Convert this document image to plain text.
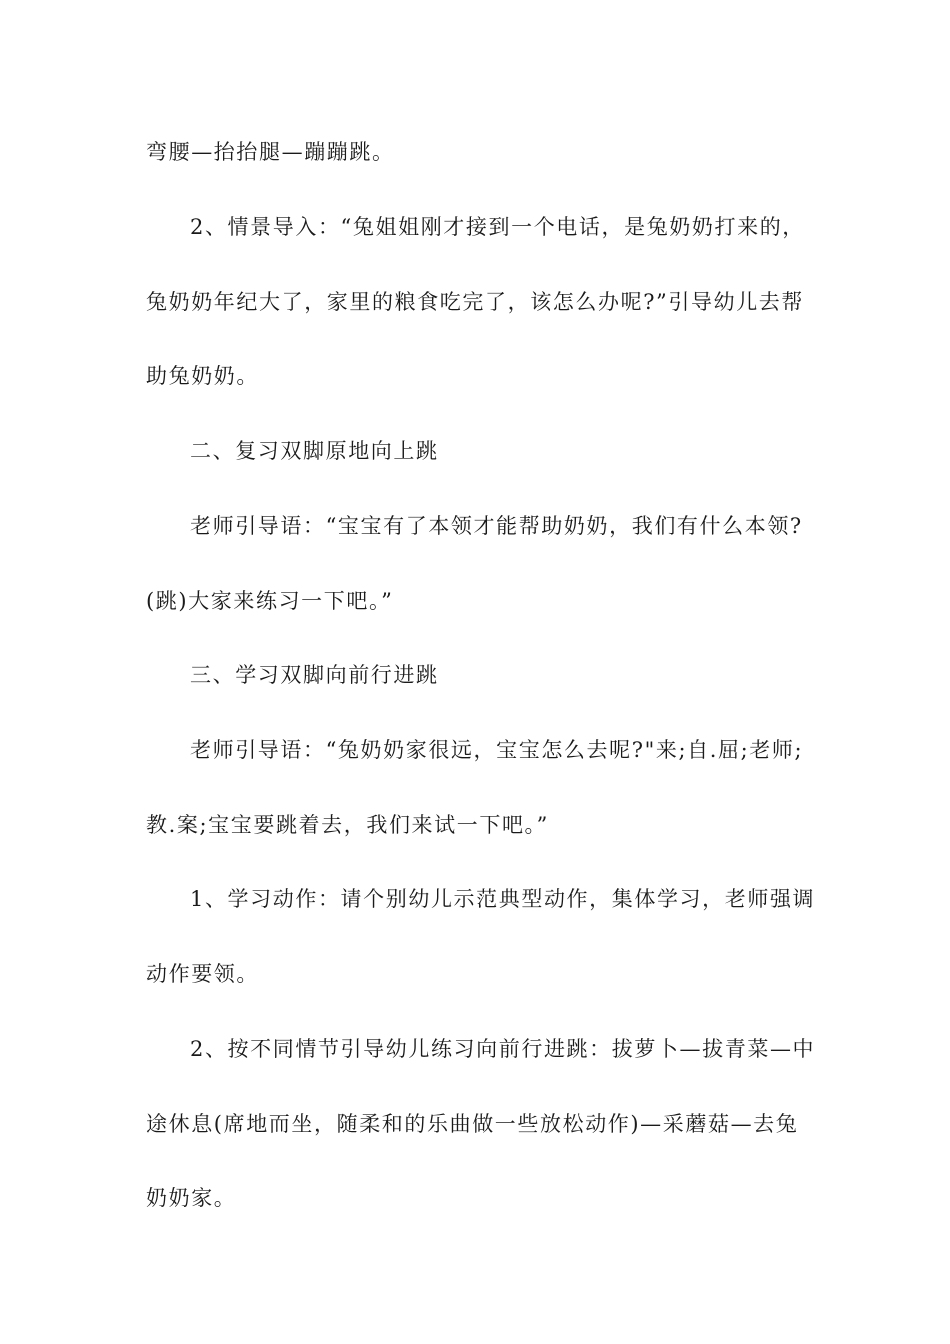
弯腰—抬抬腿—蹦蹦跳。
2、情景导入：“兔姐姐刚才接到一个电话，是兔奶奶打来的，
兔奶奶年纪大了，家里的粮食吃完了，该怎么办呢?”引导幼儿去帮
助兔奶奶。
二、复习双脚原地向上跳
老师引导语：“宝宝有了本领才能帮助奶奶，我们有什么本领?
(跳)大家来练习一下吧。”
三、学习双脚向前行进跳
老师引导语：“兔奶奶家很远，宝宝怎么去呢?"来;自.屈;老师;
教.案;宝宝要跳着去，我们来试一下吧。”
1、学习动作：请个别幼儿示范典型动作，集体学习，老师强调
动作要领。
2、按不同情节引导幼儿练习向前行进跳：拔萝卜—拔青菜—中
途休息(席地而坐，随柔和的乐曲做一些放松动作)—采蘑菇—去兔
奶奶家。
